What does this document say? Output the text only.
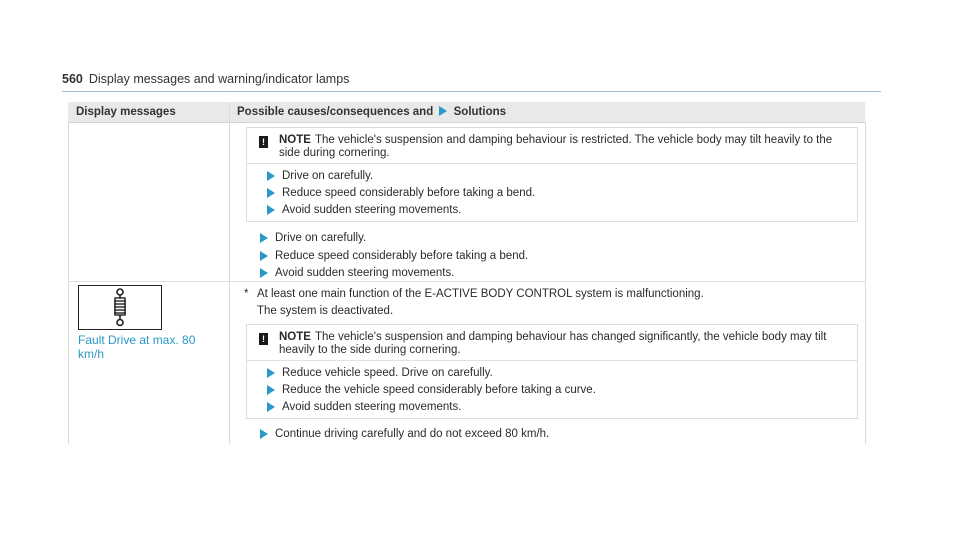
560 Display messages and warning/indicator lamps
Display messages	Possible causes/consequences and Solutions
! NOTE The vehicle's suspension and damping behaviour is restricted. The vehicle body may tilt heavily to the side during cornering.
Drive on carefully.
Reduce speed considerably before taking a bend.
Avoid sudden steering movements.
Drive on carefully.
Reduce speed considerably before taking a bend.
Avoid sudden steering movements.
Fault Drive at max. 80 km/h
* At least one main function of the E-ACTIVE BODY CONTROL system is malfunctioning.
The system is deactivated.
! NOTE The vehicle's suspension and damping behaviour has changed significantly, the vehicle body may tilt heavily to the side during cornering.
Reduce vehicle speed. Drive on carefully.
Reduce the vehicle speed considerably before taking a curve.
Avoid sudden steering movements.
Continue driving carefully and do not exceed 80 km/h.
